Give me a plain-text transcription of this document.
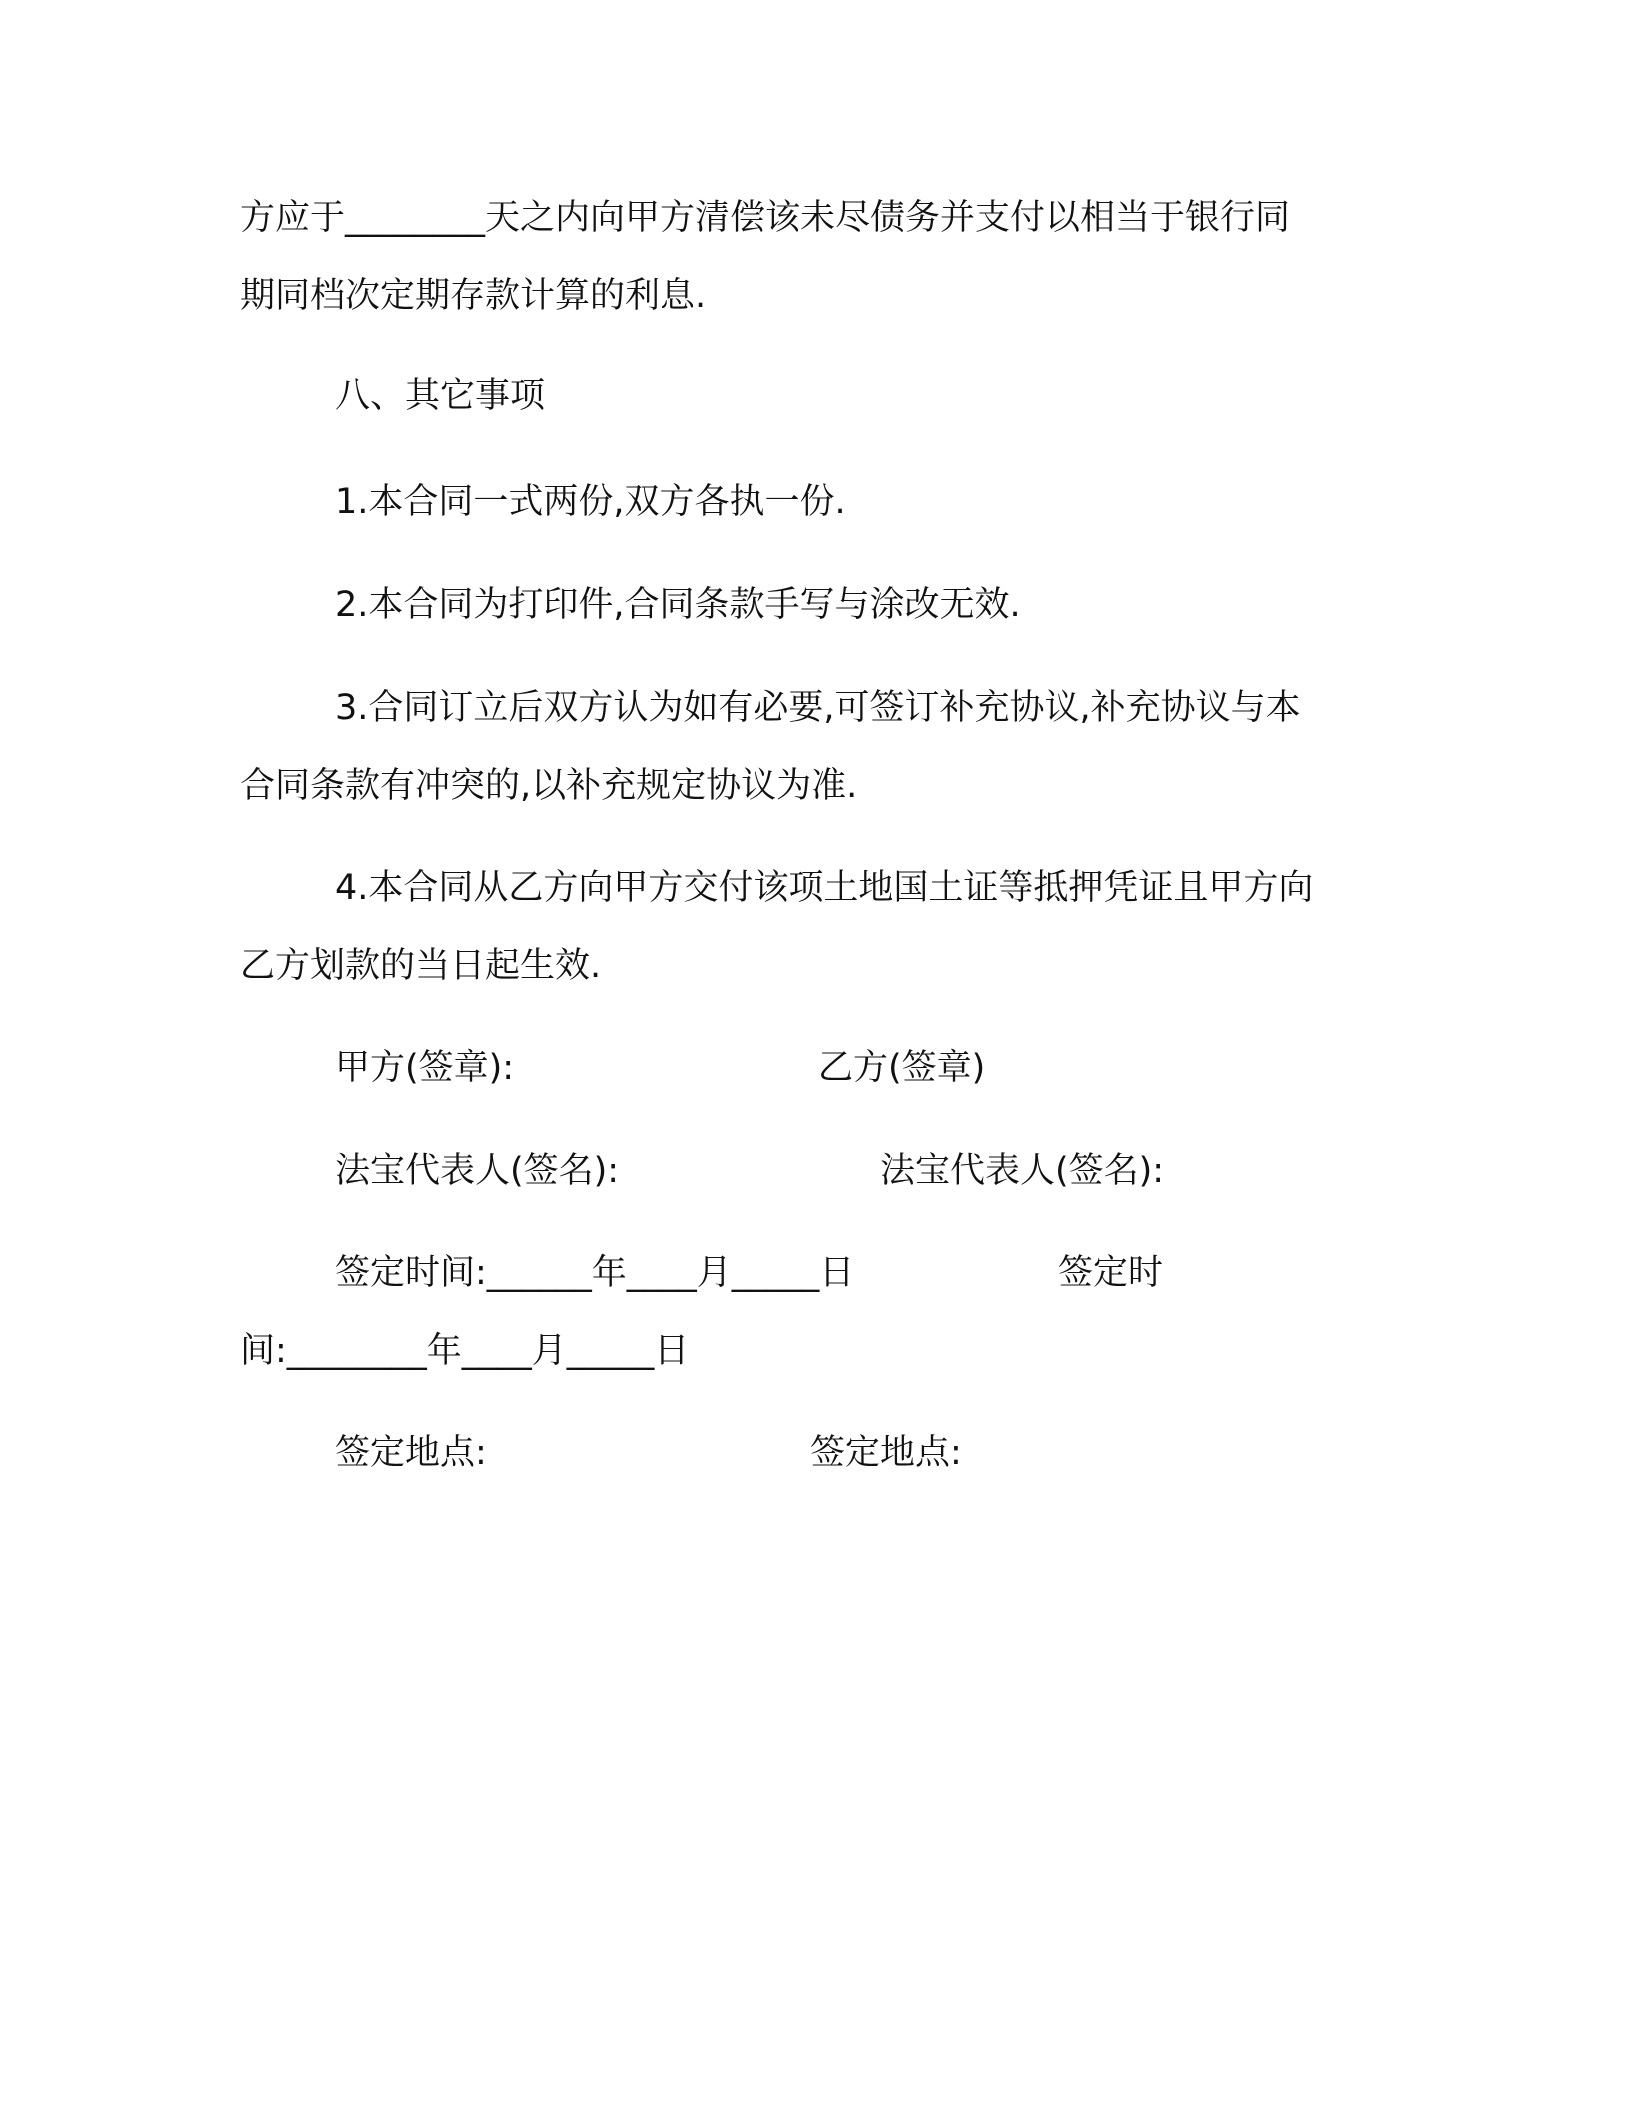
方应于________天之内向甲方清偿该未尽债务并支付以相当于银行同
期同档次定期存款计算的利息.
八、其它事项
1.本合同一式两份,双方各执一份.
2.本合同为打印件,合同条款手写与涂改无效.
3.合同订立后双方认为如有必要,可签订补充协议,补充协议与本
合同条款有冲突的,以补充规定协议为准.
4.本合同从乙方向甲方交付该项土地国土证等抵押凭证且甲方向
乙方划款的当日起生效.
甲方(签章):	乙方(签章)
法宝代表人(签名):	法宝代表人(签名):
签定时间:______年____月_____日	签定时
间:________年____月_____日
签定地点:	签定地点:
